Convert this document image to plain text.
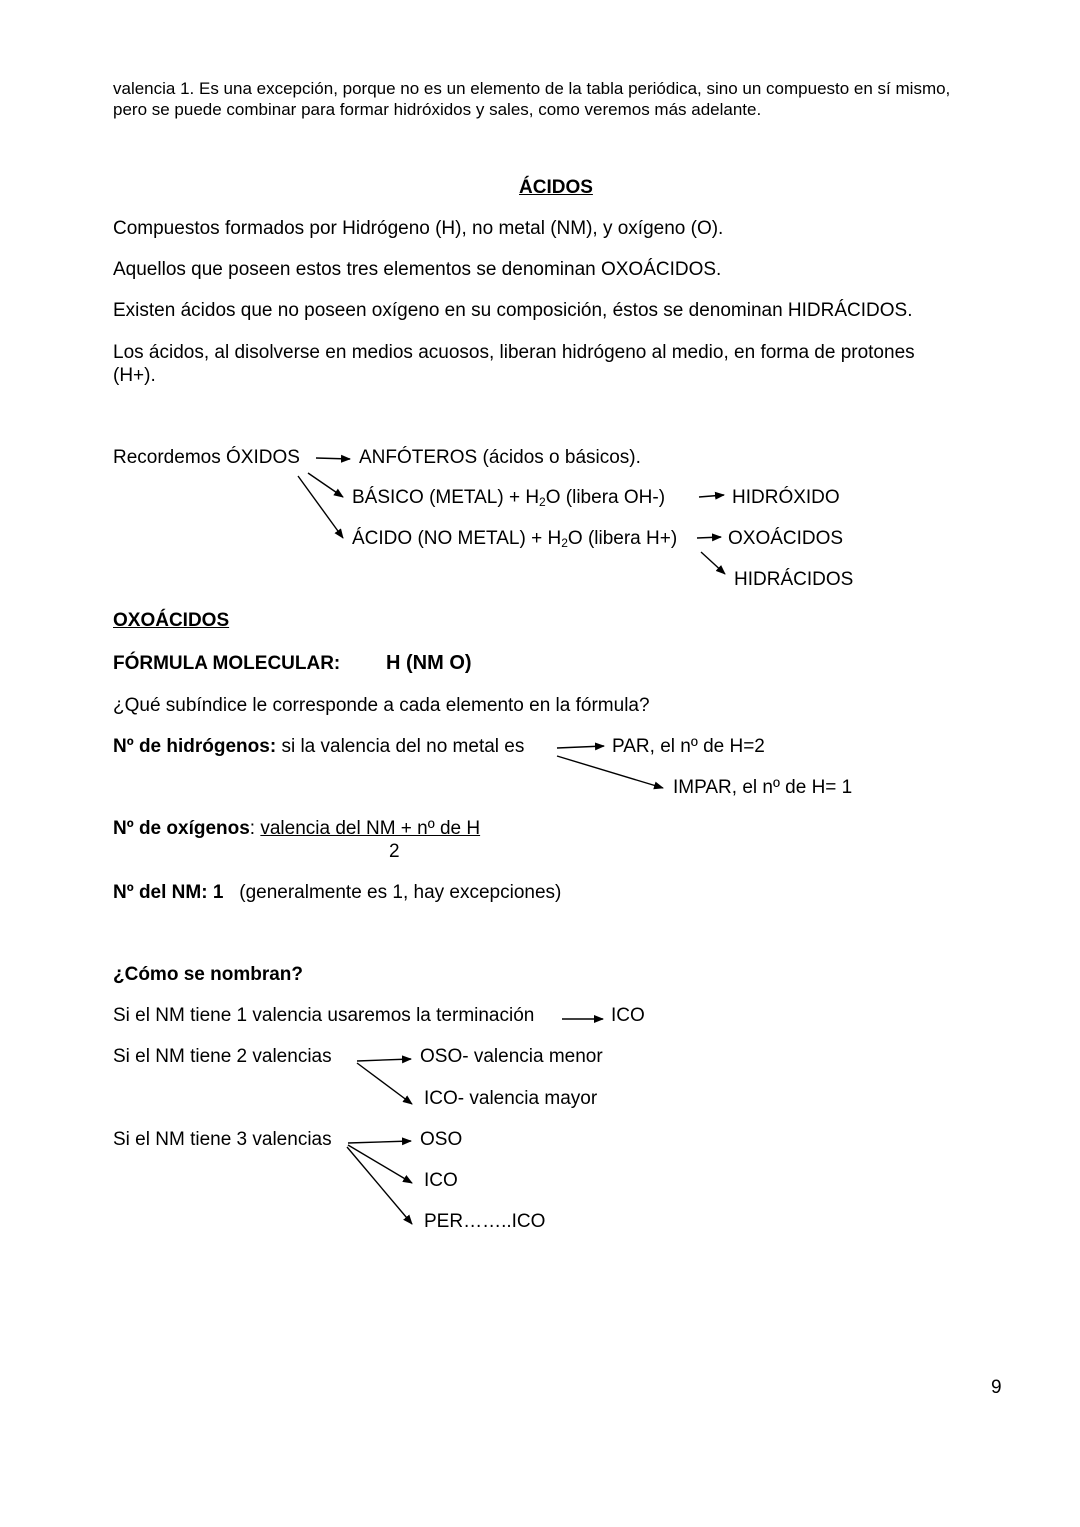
valencia 1. Es una excepción, porque no es un elemento de la tabla periódica, sino un compuesto en sí mismo,
pero se puede combinar para formar hidróxidos y sales, como veremos más adelante.
ÁCIDOS
Compuestos formados por Hidrógeno (H), no metal (NM), y oxígeno (O).
Aquellos que poseen estos tres elementos se denominan OXOÁCIDOS.
Existen ácidos que no poseen oxígeno en su composición, éstos se denominan HIDRÁCIDOS.
Los ácidos, al disolverse en medios acuosos, liberan hidrógeno al medio, en forma de protones
(H+).
Recordemos ÓXIDOS	ANFÓTEROS (ácidos o básicos).
BÁSICO (METAL) + $H_2O$ (libera OH-)	HIDRÓXIDO
ÁCIDO (NO METAL) + $H_2O$ (libera H+)	OXOÁCIDOS
HIDRÁCIDOS
OXOÁCIDOS
FÓRMULA MOLECULAR: H (NM O)
¿Qué subíndice le corresponde a cada elemento en la fórmula?
Nº de hidrógenos: si la valencia del no metal es	PAR, el nº de H=2
IMPAR, el nº de H= 1
Nº de oxígenos: valencia del NM + nº de H
2
Nº del NM: 1 (generalmente es 1, hay excepciones)
¿Cómo se nombran?
Si el NM tiene 1 valencia usaremos la terminación	ICO
Si el NM tiene 2 valencias	OSO- valencia menor
ICO- valencia mayor
Si el NM tiene 3 valencias	OSO
ICO
PER……..ICO
9
